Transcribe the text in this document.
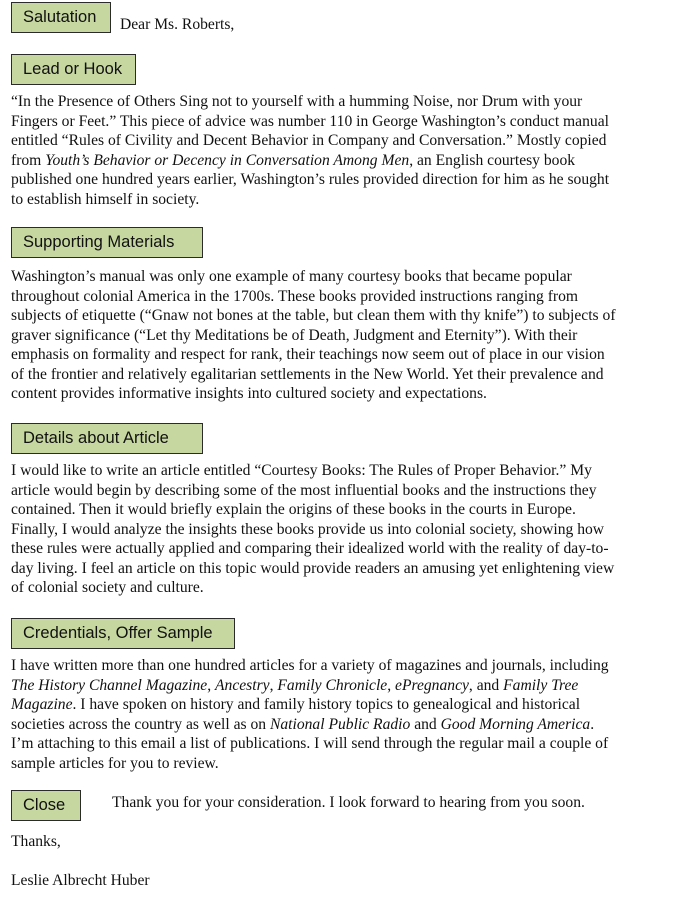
Salutation	Dear Ms. Roberts,
Lead or Hook
“In the Presence of Others Sing not to yourself with a humming Noise, nor Drum with your
Fingers or Feet.” This piece of advice was number 110 in George Washington’s conduct manual
entitled “Rules of Civility and Decent Behavior in Company and Conversation.” Mostly copied
from Youth’s Behavior or Decency in Conversation Among Men, an English courtesy book
published one hundred years earlier, Washington’s rules provided direction for him as he sought
to establish himself in society.
Supporting Materials
Washington’s manual was only one example of many courtesy books that became popular
throughout colonial America in the 1700s. These books provided instructions ranging from
subjects of etiquette (“Gnaw not bones at the table, but clean them with thy knife”) to subjects of
graver significance (“Let thy Meditations be of Death, Judgment and Eternity”). With their
emphasis on formality and respect for rank, their teachings now seem out of place in our vision
of the frontier and relatively egalitarian settlements in the New World. Yet their prevalence and
content provides informative insights into cultured society and expectations.
Details about Article
I would like to write an article entitled “Courtesy Books: The Rules of Proper Behavior.” My
article would begin by describing some of the most influential books and the instructions they
contained. Then it would briefly explain the origins of these books in the courts in Europe.
Finally, I would analyze the insights these books provide us into colonial society, showing how
these rules were actually applied and comparing their idealized world with the reality of day-to-
day living. I feel an article on this topic would provide readers an amusing yet enlightening view
of colonial society and culture.
Credentials, Offer Sample
I have written more than one hundred articles for a variety of magazines and journals, including
The History Channel Magazine, Ancestry, Family Chronicle, ePregnancy, and Family Tree
Magazine. I have spoken on history and family history topics to genealogical and historical
societies across the country as well as on National Public Radio and Good Morning America.
I’m attaching to this email a list of publications. I will send through the regular mail a couple of
sample articles for you to review.
Close	Thank you for your consideration. I look forward to hearing from you soon.
Thanks,
Leslie Albrecht Huber
